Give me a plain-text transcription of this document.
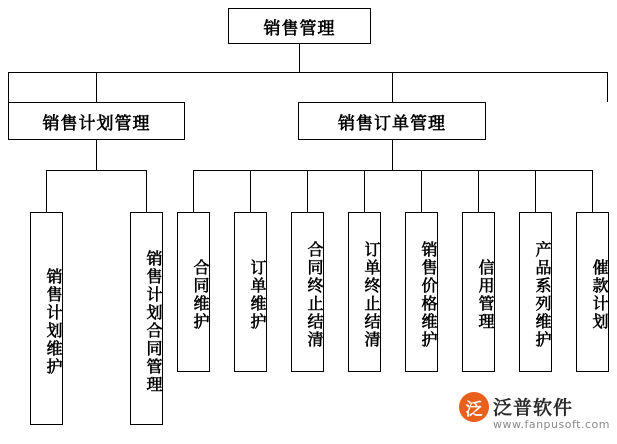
销售管理
销售计划管理	销售订单管理
销售计划维护	销售计划合同管理 合同维护 订单维护 合同终止结清 订单终止结清 销售价格维护 信用管理 产品系列维护 催款计划
泛 泛普软件
www.fanpusoft.com
